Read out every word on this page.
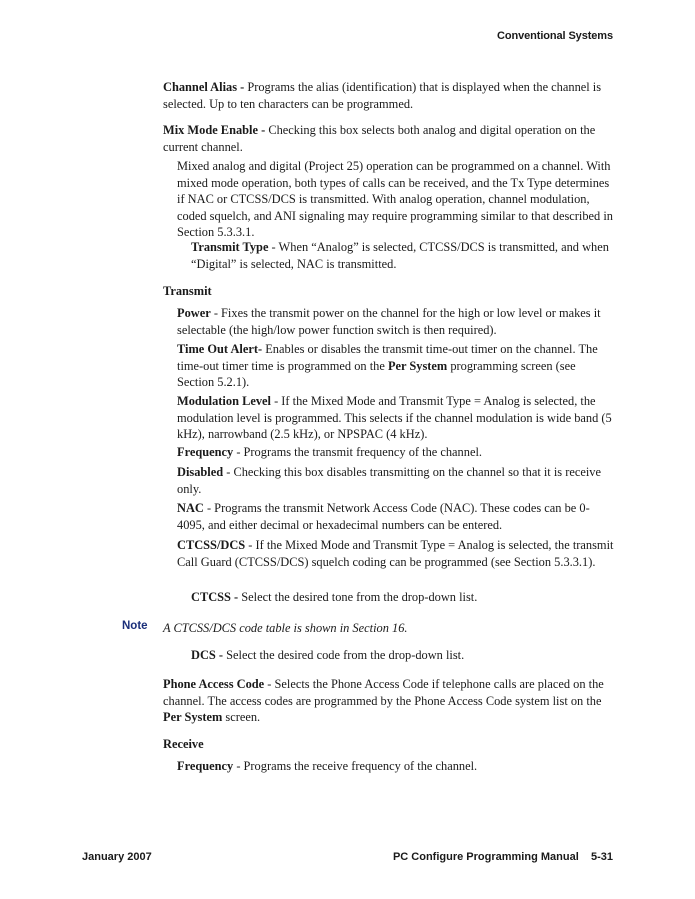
Conventional Systems

Channel Alias - Programs the alias (identification) that is displayed when the channel is selected. Up to ten characters can be programmed.

Mix Mode Enable - Checking this box selects both analog and digital operation on the current channel.

Mixed analog and digital (Project 25) operation can be programmed on a channel. With mixed mode operation, both types of calls can be received, and the Tx Type determines if NAC or CTCSS/DCS is transmitted. With analog operation, channel modulation, coded squelch, and ANI signaling may require programming similar to that described in Section 5.3.3.1.

Transmit Type - When “Analog” is selected, CTCSS/DCS is transmitted, and when “Digital” is selected, NAC is transmitted.

Transmit

Power - Fixes the transmit power on the channel for the high or low level or makes it selectable (the high/low power function switch is then required).

Time Out Alert- Enables or disables the transmit time-out timer on the channel. The time-out timer time is programmed on the Per System programming screen (see Section 5.2.1).

Modulation Level - If the Mixed Mode and Transmit Type = Analog is selected, the modulation level is programmed. This selects if the channel modulation is wide band (5 kHz), narrowband (2.5 kHz), or NPSPAC (4 kHz).

Frequency - Programs the transmit frequency of the channel.

Disabled - Checking this box disables transmitting on the channel so that it is receive only.

NAC - Programs the transmit Network Access Code (NAC). These codes can be 0-4095, and either decimal or hexadecimal numbers can be entered.

CTCSS/DCS - If the Mixed Mode and Transmit Type = Analog is selected, the transmit Call Guard (CTCSS/DCS) squelch coding can be programmed (see Section 5.3.3.1).

CTCSS - Select the desired tone from the drop-down list.

Note A CTCSS/DCS code table is shown in Section 16.

DCS - Select the desired code from the drop-down list.

Phone Access Code - Selects the Phone Access Code if telephone calls are placed on the channel. The access codes are programmed by the Phone Access Code system list on the Per System screen.

Receive

Frequency - Programs the receive frequency of the channel.

January 2007	PC Configure Programming Manual    5-31
